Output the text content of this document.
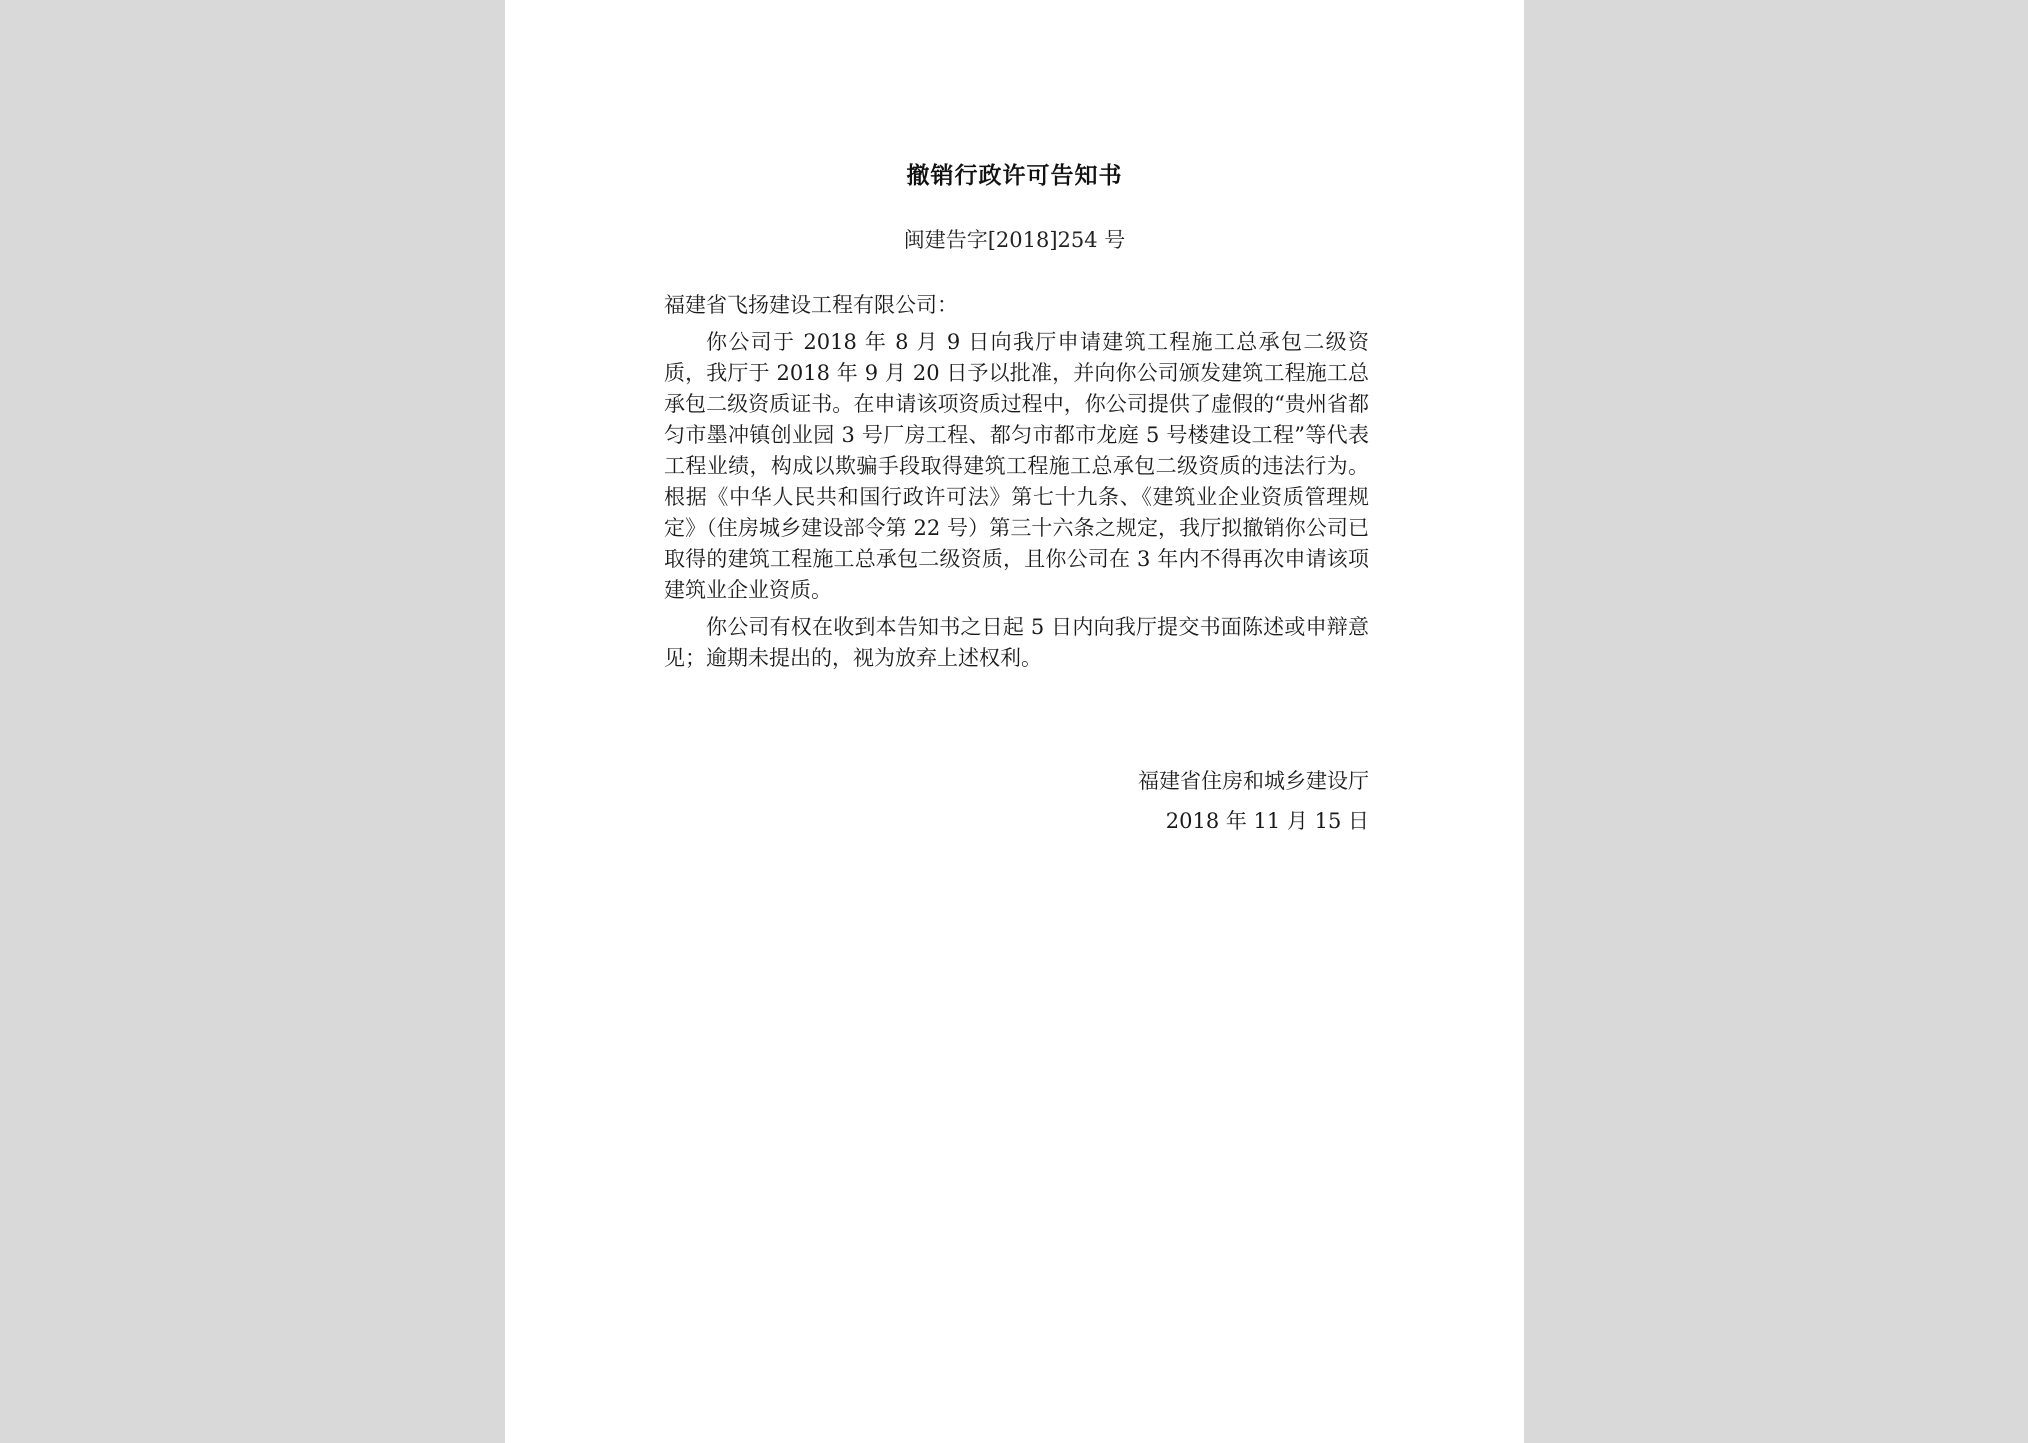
撤销行政许可告知书
闽建告字[2018]254 号

福建省飞扬建设工程有限公司：

你公司于 2018 年 8 月 9 日向我厅申请建筑工程施工总承包二级资质，我厅于 2018 年 9 月 20 日予以批准，并向你公司颁发建筑工程施工总承包二级资质证书。在申请该项资质过程中，你公司提供了虚假的“贵州省都匀市墨冲镇创业园 3 号厂房工程、都匀市都市龙庭 5 号楼建设工程”等代表工程业绩，构成以欺骗手段取得建筑工程施工总承包二级资质的违法行为。根据《中华人民共和国行政许可法》第七十九条、《建筑业企业资质管理规定》（住房城乡建设部令第 22 号）第三十六条之规定，我厅拟撤销你公司已取得的建筑工程施工总承包二级资质，且你公司在 3 年内不得再次申请该项建筑业企业资质。

你公司有权在收到本告知书之日起 5 日内向我厅提交书面陈述或申辩意见；逾期未提出的，视为放弃上述权利。

福建省住房和城乡建设厅
2018 年 11 月 15 日
